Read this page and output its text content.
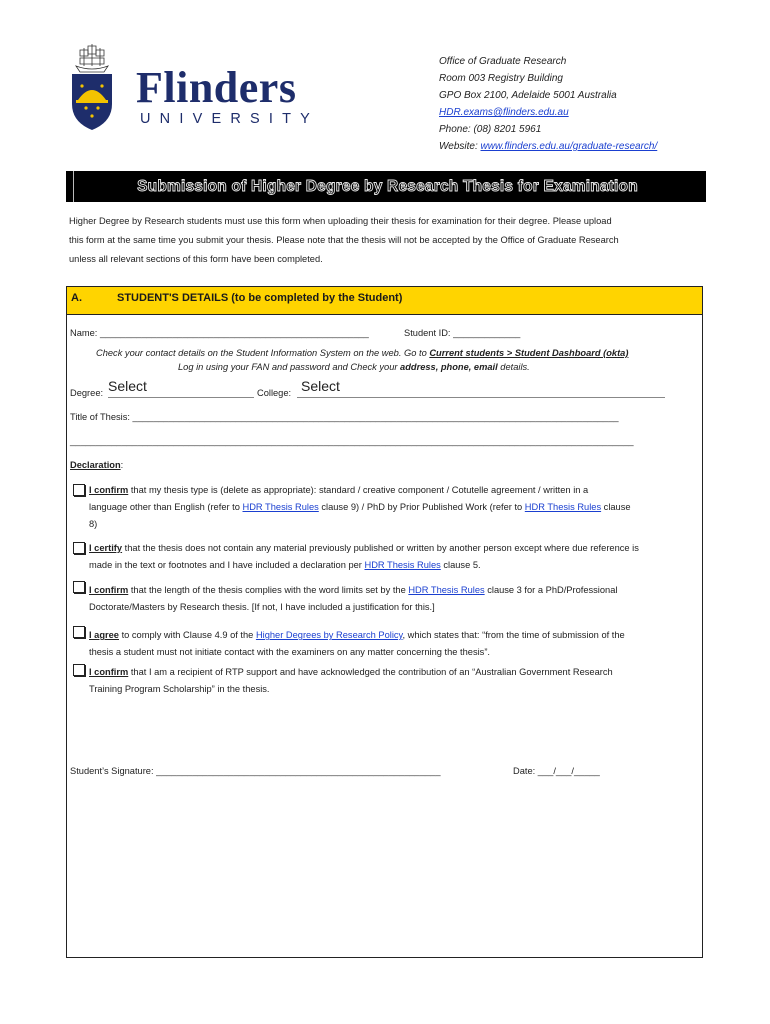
Flinders
UNIVERSITY
Office of Graduate Research
Room 003 Registry Building
GPO Box 2100, Adelaide 5001 Australia
HDR.exams@flinders.edu.au
Phone: (08) 8201 5961
Website: www.flinders.edu.au/graduate-research/
Submission of Higher Degree by Research Thesis for Examination
Higher Degree by Research students must use this form when uploading their thesis for examination for their degree. Please upload
this form at the same time you submit your thesis. Please note that the thesis will not be accepted by the Office of Graduate Research
unless all relevant sections of this form have been completed.
A.	STUDENT'S DETAILS (to be completed by the Student)
Name: ____________________________________________________	Student ID: _____________
Check your contact details on the Student Information System on the web. Go to Current students > Student Dashboard (okta)
Log in using your FAN and password and Check your address, phone, email details.
Degree: Select	College: Select
Title of Thesis: ______________________________________________________________________________________________
_____________________________________________________________________________________________________________
Declaration:
I confirm that my thesis type is (delete as appropriate): standard / creative component / Cotutelle agreement / written in a
language other than English (refer to HDR Thesis Rules clause 9) / PhD by Prior Published Work (refer to HDR Thesis Rules clause
8)
I certify that the thesis does not contain any material previously published or written by another person except where due reference is
made in the text or footnotes and I have included a declaration per HDR Thesis Rules clause 5.
I confirm that the length of the thesis complies with the word limits set by the HDR Thesis Rules clause 3 for a PhD/Professional
Doctorate/Masters by Research thesis. [If not, I have included a justification for this.]
I agree to comply with Clause 4.9 of the Higher Degrees by Research Policy, which states that: “from the time of submission of the
thesis a student must not initiate contact with the examiners on any matter concerning the thesis”.
I confirm that I am a recipient of RTP support and have acknowledged the contribution of an “Australian Government Research
Training Program Scholarship” in the thesis.
Student’s Signature: _______________________________________________________	Date: ___/___/_____
